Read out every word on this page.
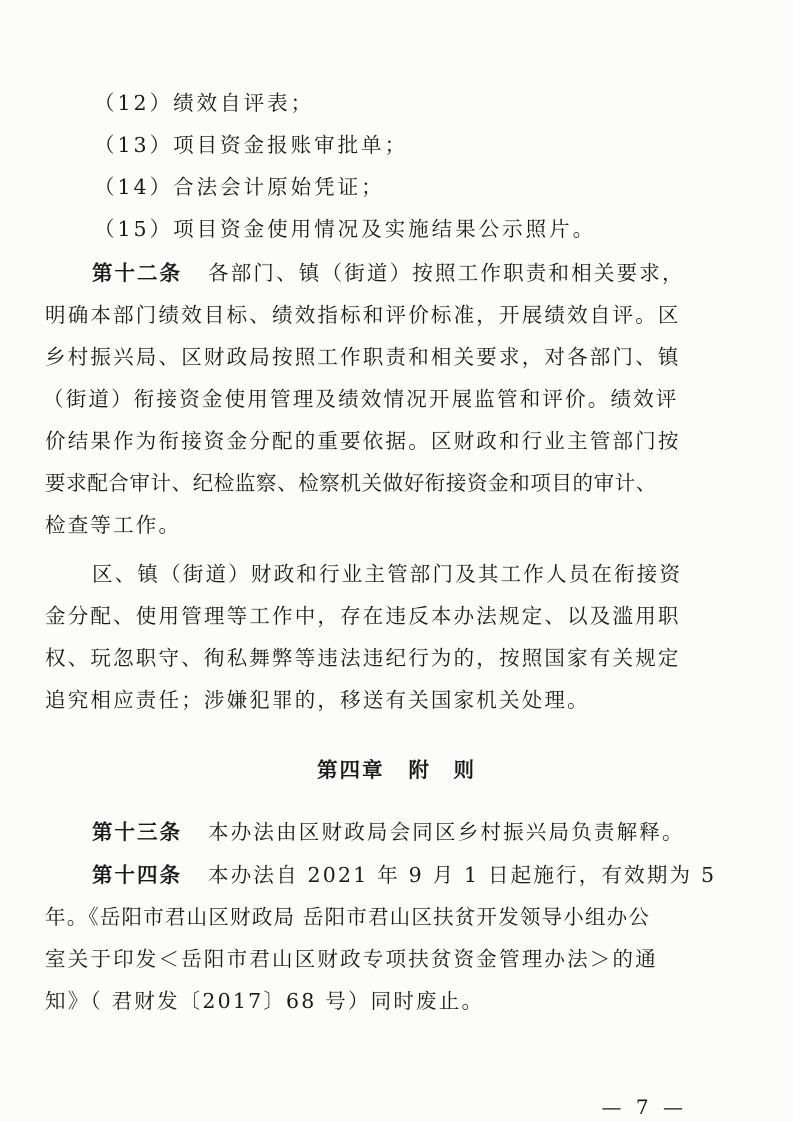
（12）绩效自评表；
（13）项目资金报账审批单；
（14）合法会计原始凭证；
（15）项目资金使用情况及实施结果公示照片。
第十二条 各部门、镇（街道）按照工作职责和相关要求，
明确本部门绩效目标、绩效指标和评价标准，开展绩效自评。区
乡村振兴局、区财政局按照工作职责和相关要求，对各部门、镇
（街道）衔接资金使用管理及绩效情况开展监管和评价。绩效评
价结果作为衔接资金分配的重要依据。区财政和行业主管部门按
要求配合审计、纪检监察、检察机关做好衔接资金和项目的审计、
检查等工作。
区、镇（街道）财政和行业主管部门及其工作人员在衔接资
金分配、使用管理等工作中，存在违反本办法规定、以及滥用职
权、玩忽职守、徇私舞弊等违法违纪行为的，按照国家有关规定
追究相应责任；涉嫌犯罪的，移送有关国家机关处理。
第四章 附　则
第十三条 本办法由区财政局会同区乡村振兴局负责解释。
第十四条 本办法自 2021 年 9 月 1 日起施行，有效期为 5
年。《岳阳市君山区财政局 岳阳市君山区扶贫开发领导小组办公
室关于印发＜岳阳市君山区财政专项扶贫资金管理办法＞的通
知》（ 君财发〔2017〕68 号）同时废止。
— 7 —
